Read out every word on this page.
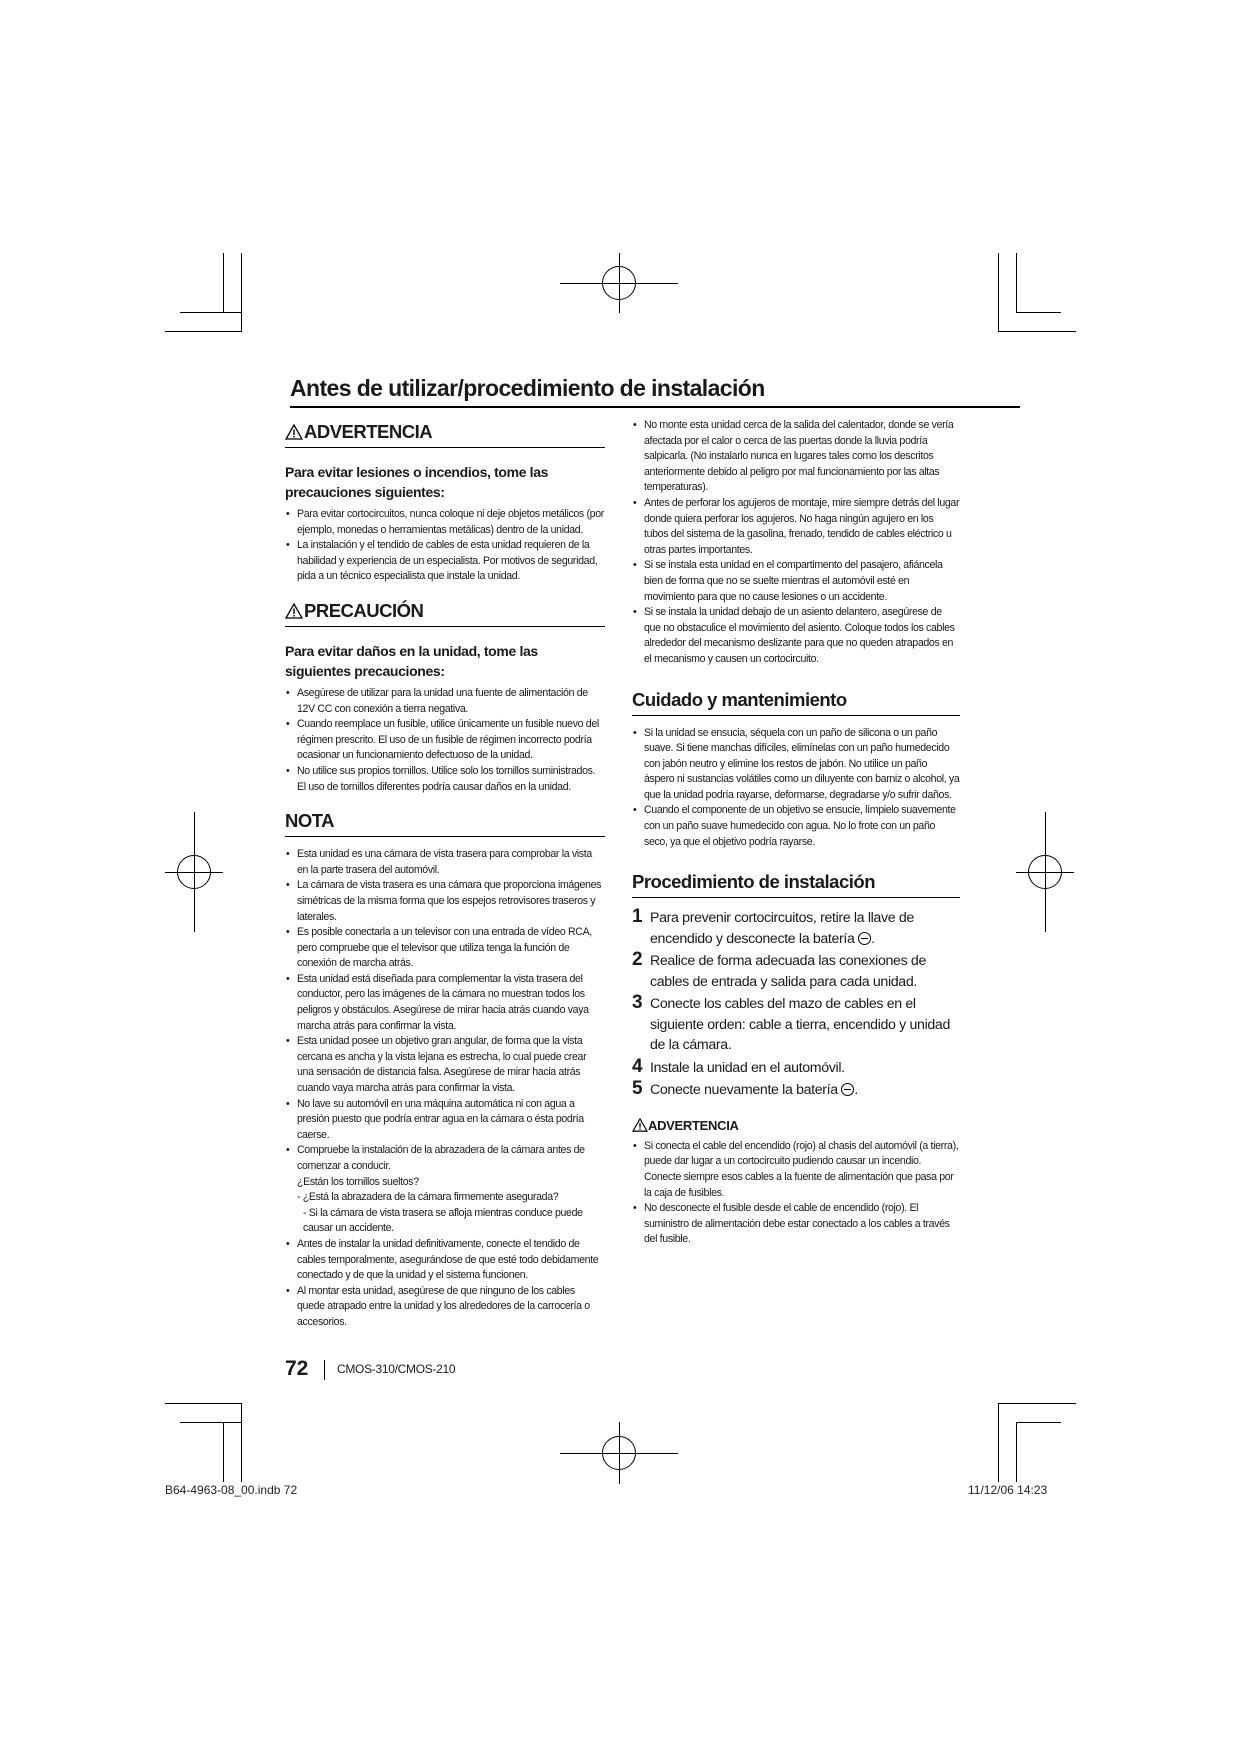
Antes de utilizar/procedimiento de instalación
ADVERTENCIA
Para evitar lesiones o incendios, tome las precauciones siguientes:
• Para evitar cortocircuitos, nunca coloque ni deje objetos metálicos (por ejemplo, monedas o herramientas metálicas) dentro de la unidad.
• La instalación y el tendido de cables de esta unidad requieren de la habilidad y experiencia de un especialista. Por motivos de seguridad, pida a un técnico especialista que instale la unidad.
PRECAUCIÓN
Para evitar daños en la unidad, tome las siguientes precauciones:
• Asegúrese de utilizar para la unidad una fuente de alimentación de 12V CC con conexión a tierra negativa.
• Cuando reemplace un fusible, utilice únicamente un fusible nuevo del régimen prescrito. El uso de un fusible de régimen incorrecto podría ocasionar un funcionamiento defectuoso de la unidad.
• No utilice sus propios tornillos. Utilice solo los tornillos suministrados. El uso de tornillos diferentes podría causar daños en la unidad.
NOTA
• Esta unidad es una cámara de vista trasera para comprobar la vista en la parte trasera del automóvil.
• La cámara de vista trasera es una cámara que proporciona imágenes simétricas de la misma forma que los espejos retrovisores traseros y laterales.
• Es posible conectarla a un televisor con una entrada de vídeo RCA, pero compruebe que el televisor que utiliza tenga la función de conexión de marcha atrás.
• Esta unidad está diseñada para complementar la vista trasera del conductor, pero las imágenes de la cámara no muestran todos los peligros y obstáculos. Asegúrese de mirar hacia atrás cuando vaya marcha atrás para confirmar la vista.
• Esta unidad posee un objetivo gran angular, de forma que la vista cercana es ancha y la vista lejana es estrecha, lo cual puede crear una sensación de distancia falsa. Asegúrese de mirar hacia atrás cuando vaya marcha atrás para confirmar la vista.
• No lave su automóvil en una máquina automática ni con agua a presión puesto que podría entrar agua en la cámara o ésta podría caerse.
• Compruebe la instalación de la abrazadera de la cámara antes de comenzar a conducir.
¿Están los tornillos sueltos?
- ¿Está la abrazadera de la cámara firmemente asegurada?
- Si la cámara de vista trasera se afloja mientras conduce puede causar un accidente.
• Antes de instalar la unidad definitivamente, conecte el tendido de cables temporalmente, asegurándose de que esté todo debidamente conectado y de que la unidad y el sistema funcionen.
• Al montar esta unidad, asegúrese de que ninguno de los cables quede atrapado entre la unidad y los alrededores de la carrocería o accesorios.
• No monte esta unidad cerca de la salida del calentador, donde se vería afectada por el calor o cerca de las puertas donde la lluvia podría salpicarla. (No instalarlo nunca en lugares tales como los descritos anteriormente debido al peligro por mal funcionamiento por las altas temperaturas).
• Antes de perforar los agujeros de montaje, mire siempre detrás del lugar donde quiera perforar los agujeros. No haga ningún agujero en los tubos del sistema de la gasolina, frenado, tendido de cables eléctrico u otras partes importantes.
• Si se instala esta unidad en el compartimento del pasajero, afiáncela bien de forma que no se suelte mientras el automóvil esté en movimiento para que no cause lesiones o un accidente.
• Si se instala la unidad debajo de un asiento delantero, asegúrese de que no obstaculice el movimiento del asiento. Coloque todos los cables alrededor del mecanismo deslizante para que no queden atrapados en el mecanismo y causen un cortocircuito.
Cuidado y mantenimiento
• Si la unidad se ensucia, séquela con un paño de silicona o un paño suave. Si tiene manchas difíciles, elimínelas con un paño humedecido con jabón neutro y elimine los restos de jabón. No utilice un paño áspero ni sustancias volátiles como un diluyente con barniz o alcohol, ya que la unidad podría rayarse, deformarse, degradarse y/o sufrir daños.
• Cuando el componente de un objetivo se ensucie, límpielo suavemente con un paño suave humedecido con agua. No lo frote con un paño seco, ya que el objetivo podría rayarse.
Procedimiento de instalación
1 Para prevenir cortocircuitos, retire la llave de encendido y desconecte la batería .
2 Realice de forma adecuada las conexiones de cables de entrada y salida para cada unidad.
3 Conecte los cables del mazo de cables en el siguiente orden: cable a tierra, encendido y unidad de la cámara.
4 Instale la unidad en el automóvil.
5 Conecte nuevamente la batería .
ADVERTENCIA
• Si conecta el cable del encendido (rojo) al chasis del automóvil (a tierra), puede dar lugar a un cortocircuito pudiendo causar un incendio. Conecte siempre esos cables a la fuente de alimentación que pasa por la caja de fusibles.
• No desconecte el fusible desde el cable de encendido (rojo). El suministro de alimentación debe estar conectado a los cables a través del fusible.
72 CMOS-310/CMOS-210
B64-4963-08_00.indb 72	11/12/06 14:23
